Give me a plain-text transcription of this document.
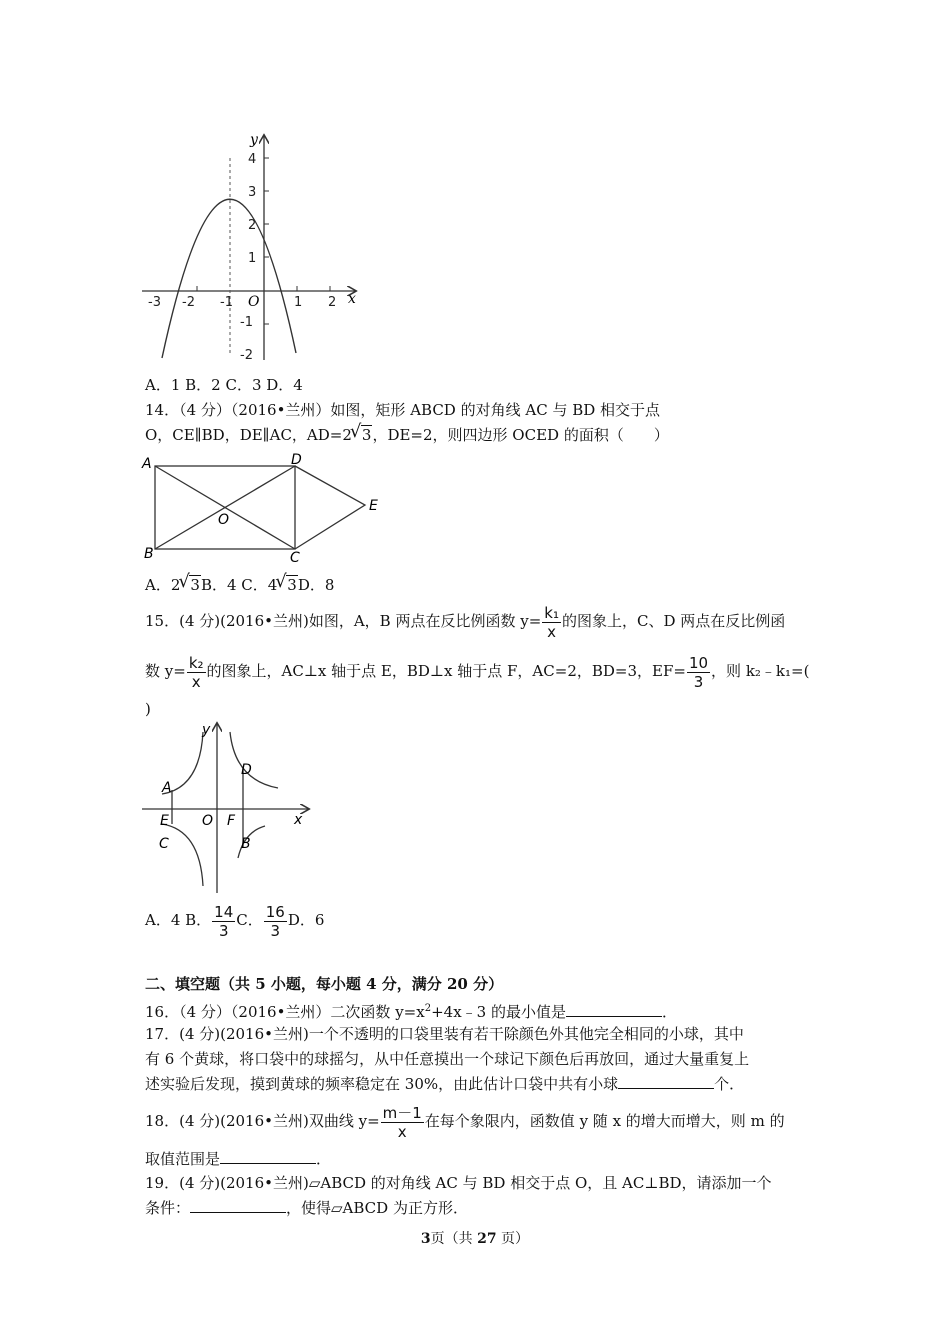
y
x
O
-3 -2 -1	1 2
4
3
2
1
-1
-2
A．1 B．2 C．3 D．4
14．（4 分）（2016•兰州）如图，矩形 ABCD 的对角线 AC 与 BD 相交于点
O，CE∥BD，DE∥AC，AD=2 √ 3，DE=2，则四边形 OCED 的面积（　　）
A
B	C
D
E
O
A．2 √ 3B．4 C．4 √ 3D．8
15．(4 分)(2016•兰州)如图，A，B 两点在反比例函数 $y= \frac{\text{k₁}}{x}$ 的图象上，C、D 两点在反比例函
数 $y= \frac{\text{k₂}}{x}$ 的图象上，AC⊥x 轴于点 E，BD⊥x 轴于点 F，AC=2，BD=3，$EF= \frac{10}{3}$ ，则 k₂﹣k₁=(
)
y
x
O
A
B
C
D
E	F
A．4 B． $\frac{14}{3}$ C． $\frac{16}{3}$ D．6
二、填空题（共 5 小题，每小题 4 分，满分 20 分）
16．（4 分）（2016•兰州）二次函数 $y=x^2+4x﹣3$ 的最小值是	．
17．(4 分)(2016•兰州)一个不透明的口袋里装有若干除颜色外其他完全相同的小球，其中
有 6 个黄球，将口袋中的球摇匀，从中任意摸出一个球记下颜色后再放回，通过大量重复上
述实验后发现，摸到黄球的频率稳定在 30%，由此估计口袋中共有小球	个．
18．(4 分)(2016•兰州)双曲线 $y= \frac{m-1}{x}$ 在每个象限内，函数值 y 随 x 的增大而增大，则 m 的
取值范围是	．
19．(4 分)(2016•兰州)▱ABCD 的对角线 AC 与 BD 相交于点 O，且 AC⊥BD，请添加一个
条件：	，使得▱ABCD 为正方形．
3页（共 27 页）
